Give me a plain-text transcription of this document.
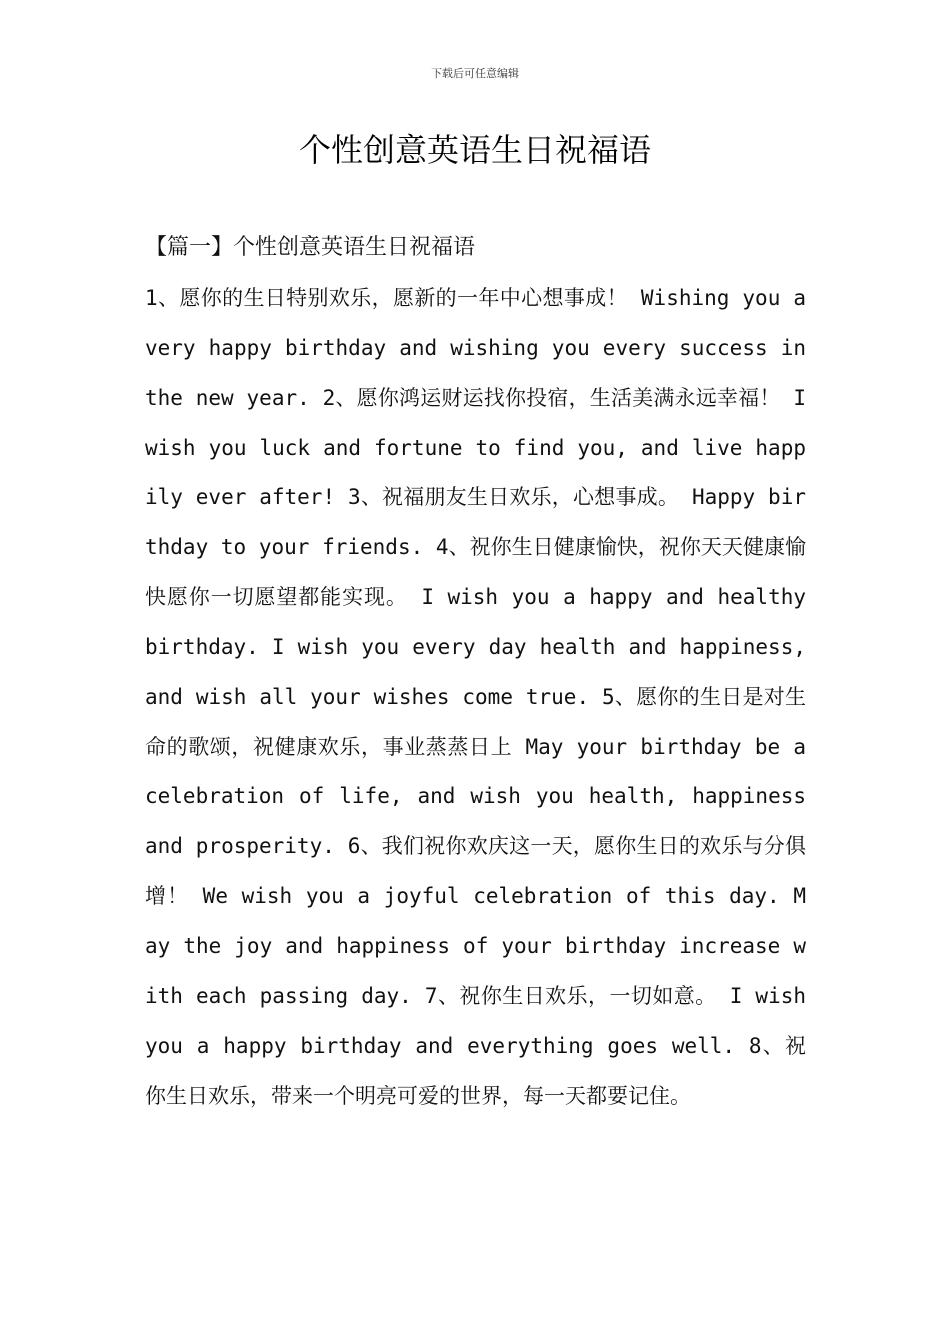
下载后可任意编辑
个性创意英语生日祝福语
【篇一】个性创意英语生日祝福语

1、愿你的生日特别欢乐，愿新的一年中心想事成！ Wishing you a very happy birthday and wishing you every success in the new year. 2、愿你鸿运财运找你投宿，生活美满永远幸福！ I wish you luck and fortune to find you, and live happily ever after! 3、祝福朋友生日欢乐，心想事成。 Happy birthday to your friends. 4、祝你生日健康愉快，祝你天天健康愉快愿你一切愿望都能实现。 I wish you a happy and healthy birthday. I wish you every day health and happiness, and wish all your wishes come true. 5、愿你的生日是对生命的歌颂，祝健康欢乐，事业蒸蒸日上 May your birthday be a celebration of life, and wish you health, happiness and prosperity. 6、我们祝你欢庆这一天，愿你生日的欢乐与分俱增！ We wish you a joyful celebration of this day. May the joy and happiness of your birthday increase with each passing day. 7、祝你生日欢乐，一切如意。 I wish you a happy birthday and everything goes well. 8、祝你生日欢乐，带来一个明亮可爱的世界，每一天都要记住。
